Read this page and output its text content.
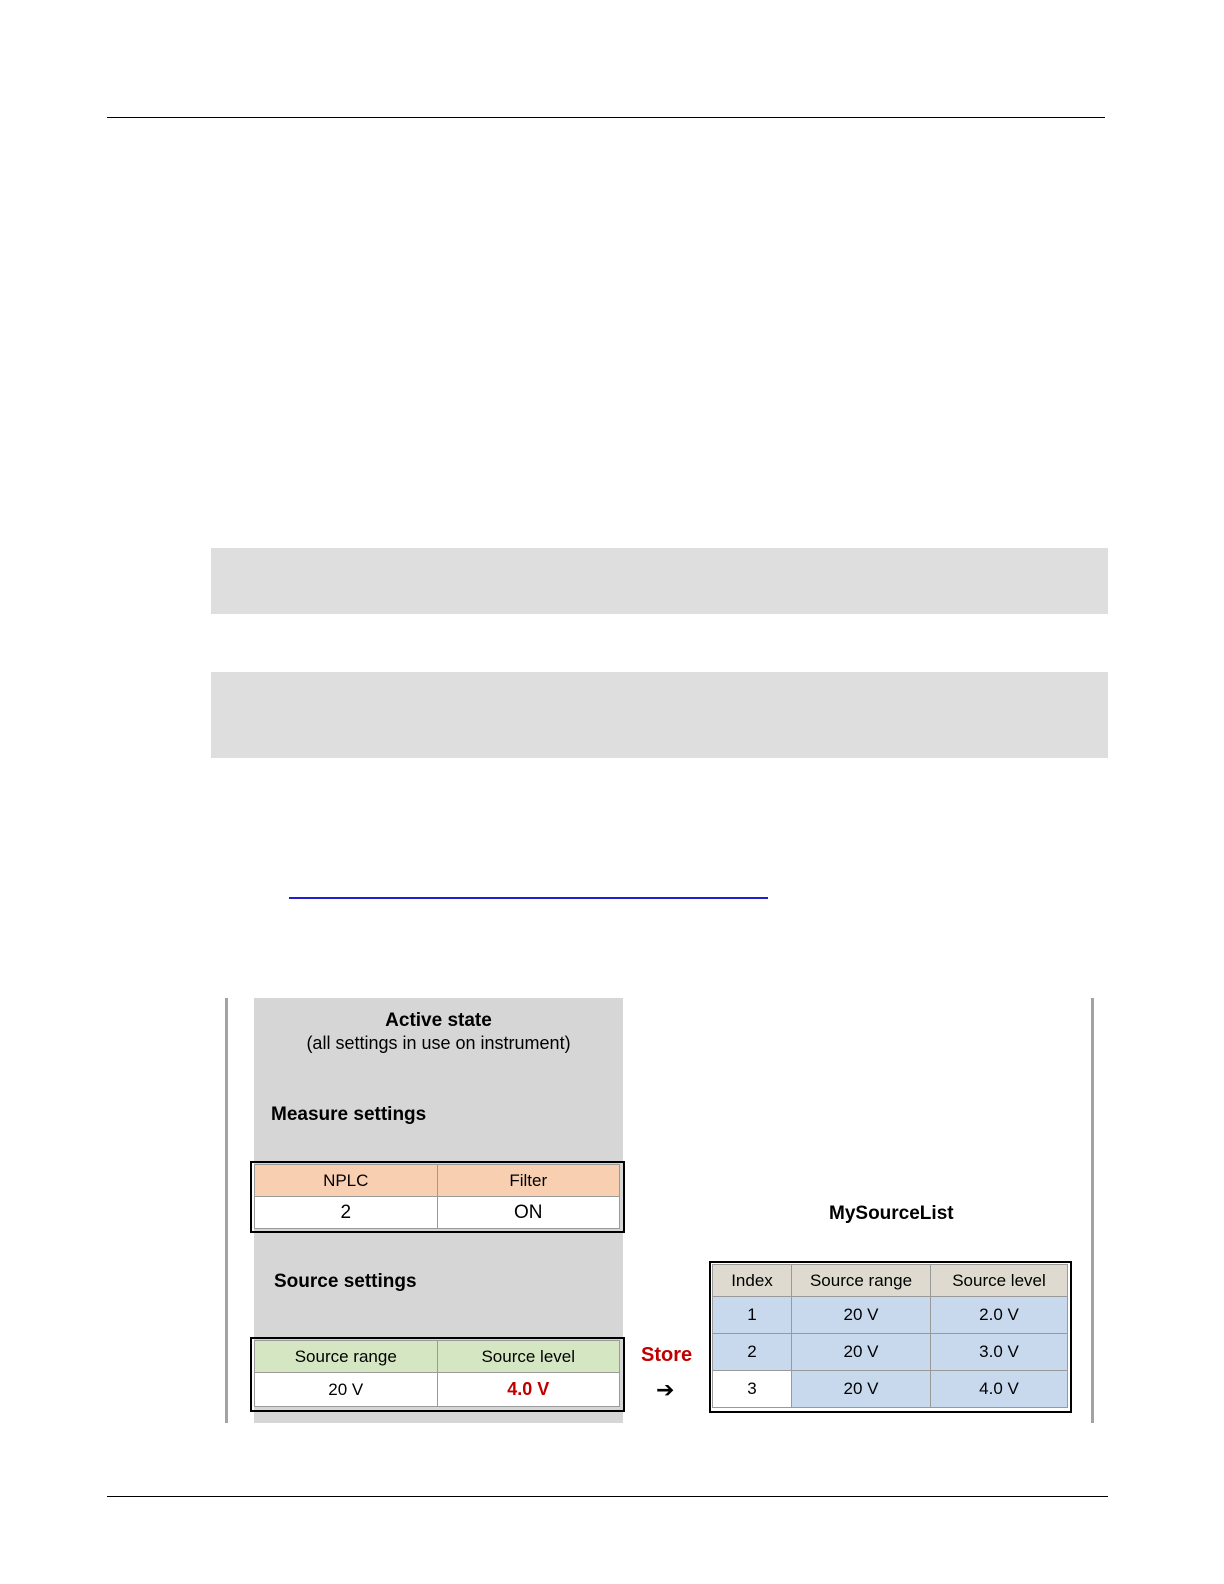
Active state
(all settings in use on instrument)
Measure settings
NPLC	Filter
2	ON
Source settings
Source range	Source level
20 V	4.0 V
Store
➔
MySourceList
Index	Source range	Source level
1	20 V	2.0 V
2	20 V	3.0 V
3	20 V	4.0 V
